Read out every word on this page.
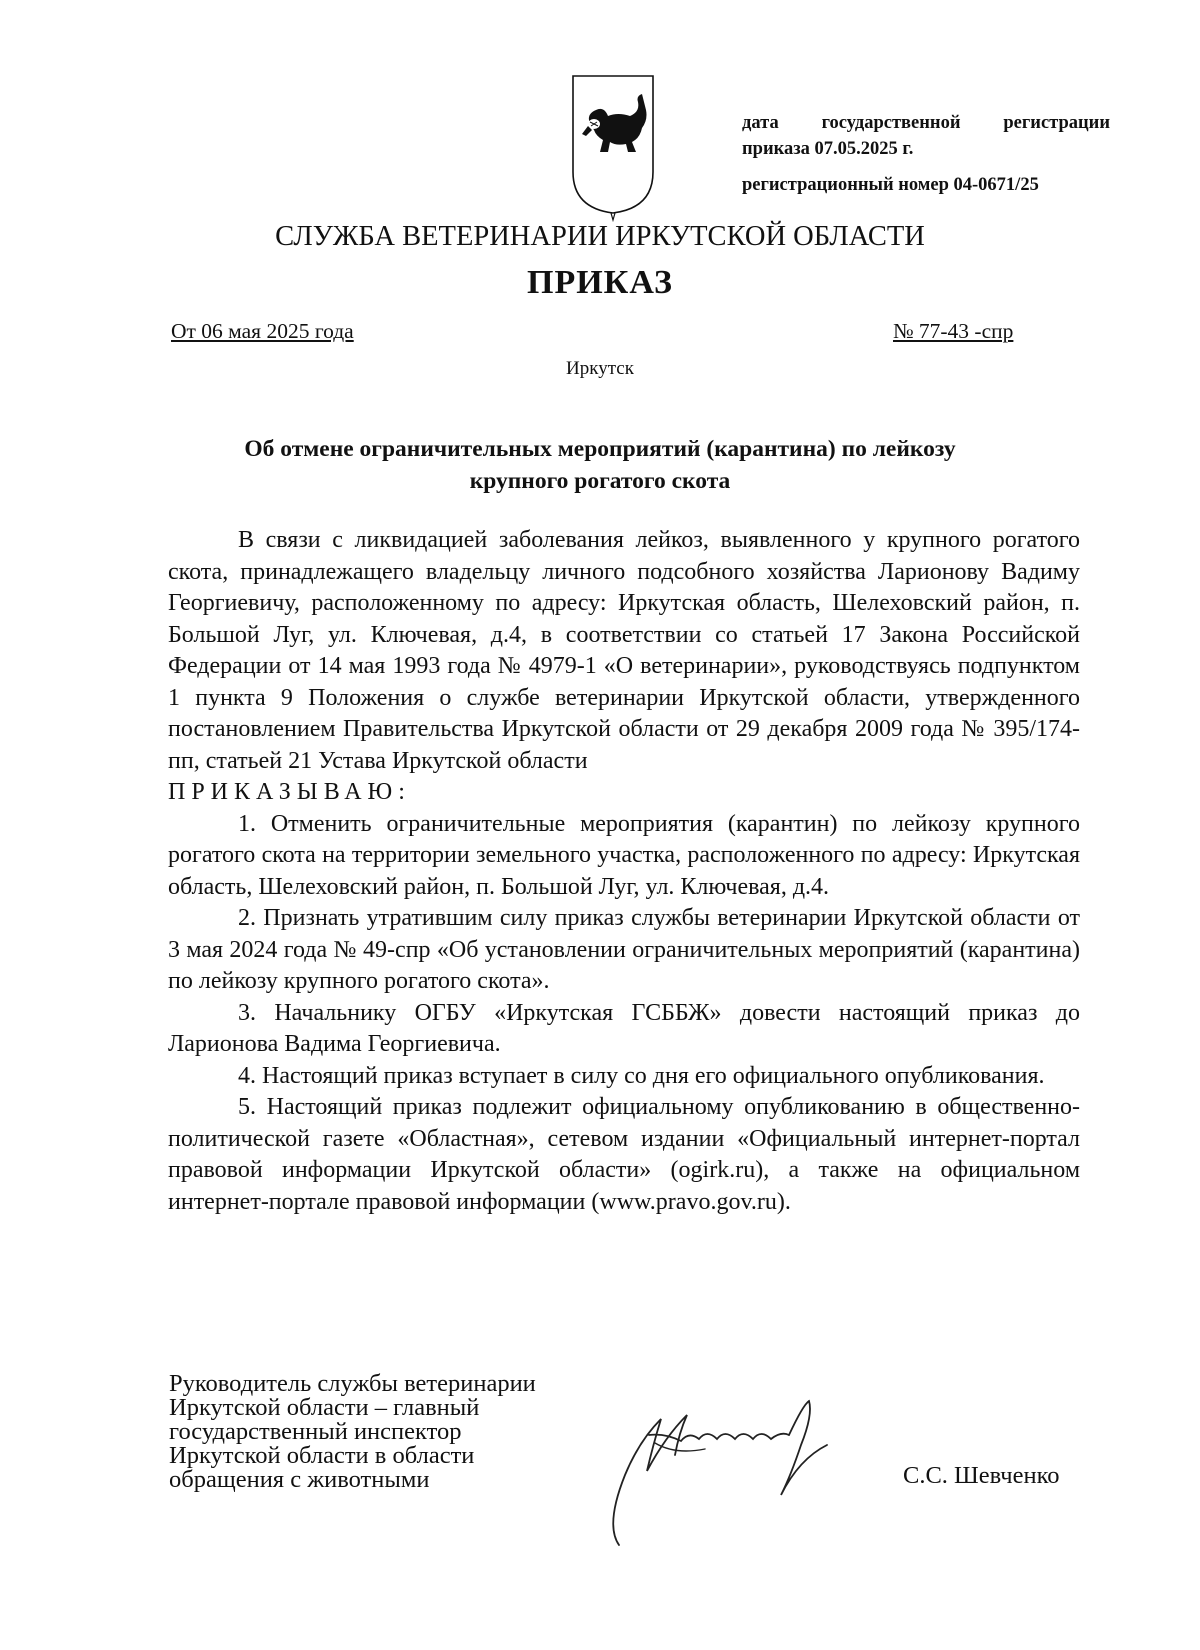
дата государственной регистрации
приказа 07.05.2025 г.
регистрационный номер 04-0671/25
СЛУЖБА ВЕТЕРИНАРИИ ИРКУТСКОЙ ОБЛАСТИ
ПРИКАЗ
От 06 мая 2025 года	№ 77-43 -спр
Иркутск
Об отмене ограничительных мероприятий (карантина) по лейкозу
крупного рогатого скота

В связи с ликвидацией заболевания лейкоз, выявленного у крупного рогатого скота, принадлежащего владельцу личного подсобного хозяйства Ларионову Вадиму Георгиевичу, расположенному по адресу: Иркутская область, Шелеховский район, п. Большой Луг, ул. Ключевая, д.4, в соответствии со статьей 17 Закона Российской Федерации от 14 мая 1993 года № 4979-1 «О ветеринарии», руководствуясь подпунктом 1 пункта 9 Положения о службе ветеринарии Иркутской области, утвержденного постановлением Правительства Иркутской области от 29 декабря 2009 года № 395/174-пп, статьей 21 Устава Иркутской области

ПРИКАЗЫВАЮ:

1. Отменить ограничительные мероприятия (карантин) по лейкозу крупного рогатого скота на территории земельного участка, расположенного по адресу: Иркутская область, Шелеховский район, п. Большой Луг, ул. Ключевая, д.4.

2. Признать утратившим силу приказ службы ветеринарии Иркутской области от 3 мая 2024 года № 49-спр «Об установлении ограничительных мероприятий (карантина) по лейкозу крупного рогатого скота».

3. Начальнику ОГБУ «Иркутская ГСББЖ» довести настоящий приказ до Ларионова Вадима Георгиевича.

4. Настоящий приказ вступает в силу со дня его официального опубликования.

5. Настоящий приказ подлежит официальному опубликованию в общественно-политической газете «Областная», сетевом издании «Официальный интернет-портал правовой информации Иркутской области» (ogirk.ru), а также на официальном интернет-портале правовой информации (www.pravo.gov.ru).

Руководитель службы ветеринарии
Иркутской области – главный
государственный инспектор
Иркутской области в области
обращения с животными	С.С. Шевченко
